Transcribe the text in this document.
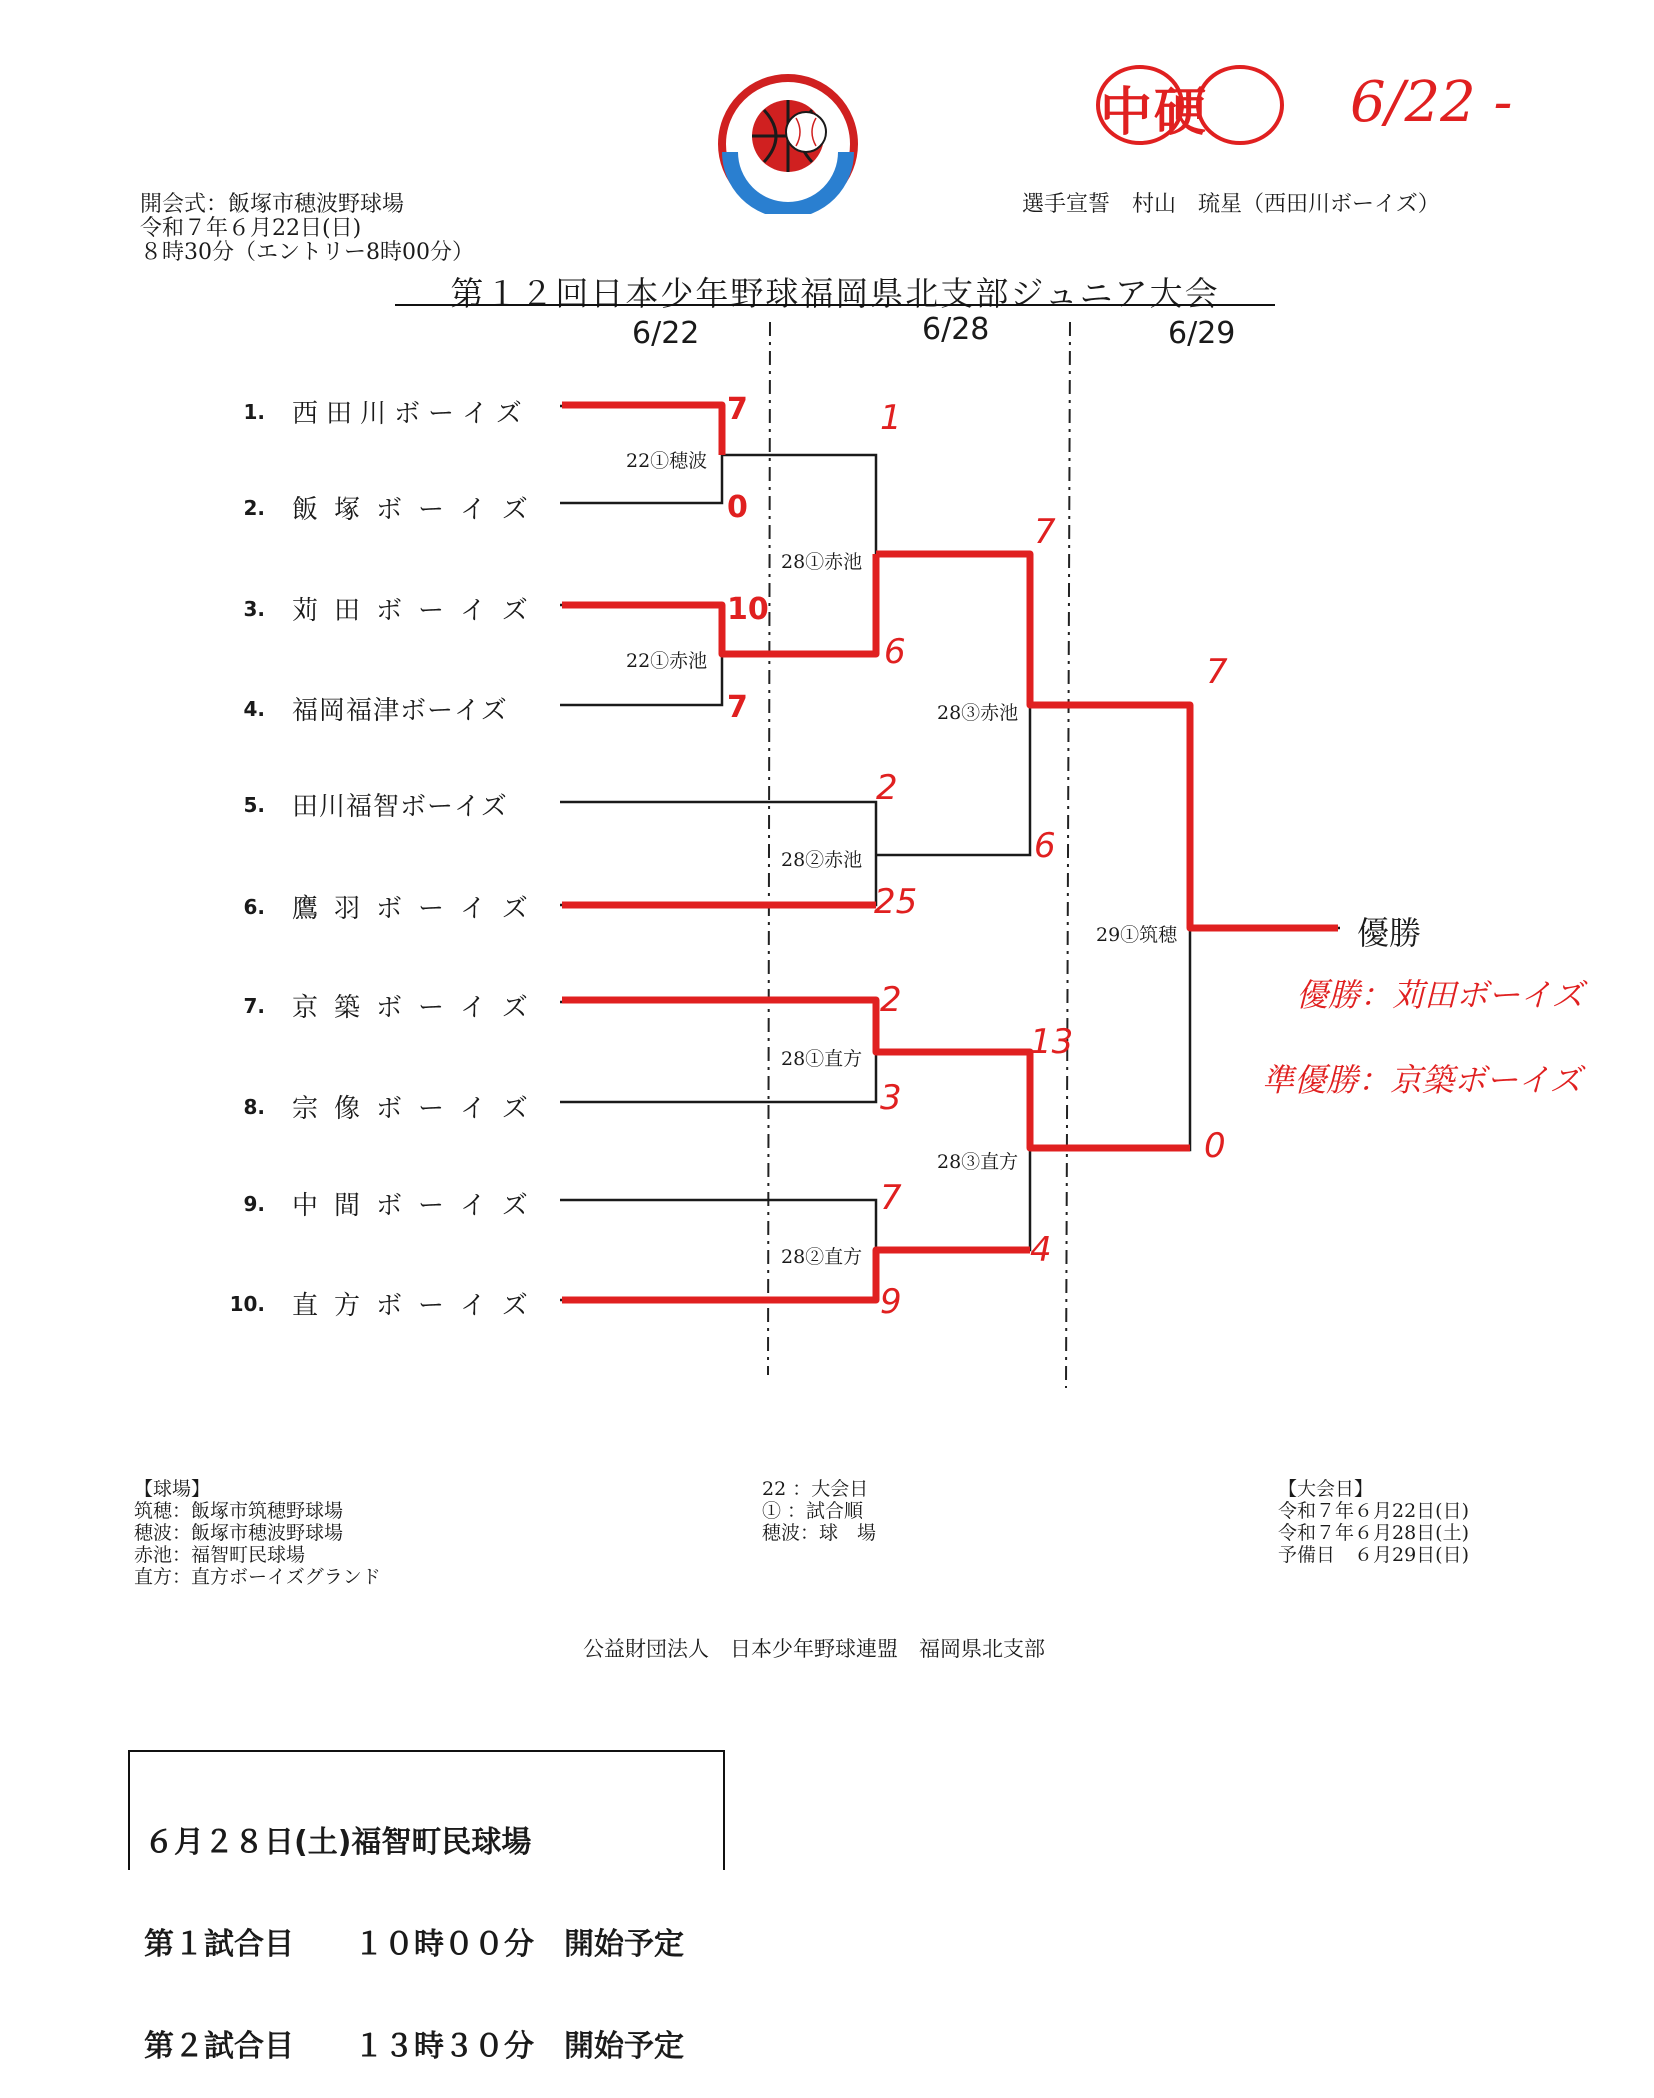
中硬	6/22 -
開会式：飯塚市穂波野球場
令和７年６月22日(日)
８時30分（エントリー8時00分）
選手宣誓　村山　琉星（西田川ボーイズ）
第１２回日本少年野球福岡県北支部ジュニア大会
6/22	6/28	6/29
1. 西田川ボーイズ
2. 飯塚ボーイズ
3. 苅田ボーイズ
4. 福岡福津ボーイズ
5. 田川福智ボーイズ
6. 鷹羽ボーイズ
7. 京築ボーイズ
8. 宗像ボーイズ
9. 中間ボーイズ
10. 直方ボーイズ
22①穂波
22①赤池
28①赤池
28②赤池
28①直方
28②直方
28③赤池
28③直方
29①筑穂
7
0
10
7
1
6
2
25
2
3
7
9
7
6
13
4
7
0
優勝
優勝：苅田ボーイズ
準優勝：京築ボーイズ
【球場】
筑穂：飯塚市筑穂野球場
穂波：飯塚市穂波野球場
赤池：福智町民球場
直方：直方ボーイズグランド
22 ：大会日
① ：試合順
穂波：球　場
【大会日】
令和７年６月22日(日)
令和７年６月28日(土)
予備日　６月29日(日)
公益財団法人　日本少年野球連盟　福岡県北支部

６月２８日(土)福智町民球場

第１試合目　　１０時００分　開始予定

第２試合目　　１３時３０分　開始予定
